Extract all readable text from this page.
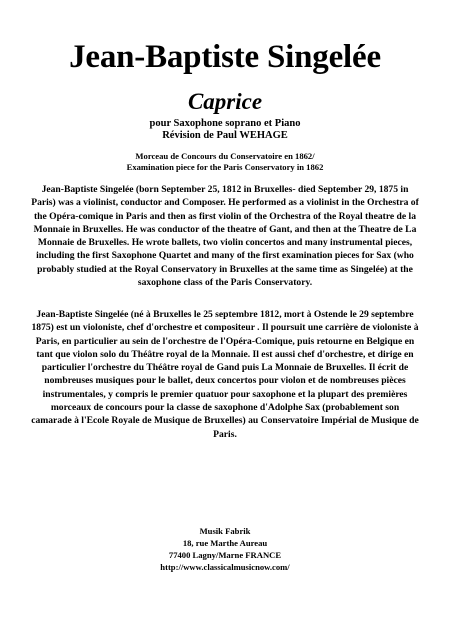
Jean-Baptiste Singelée
Caprice
pour Saxophone soprano et Piano
Révision de Paul WEHAGE
Morceau de Concours du Conservatoire en 1862/
Examination piece for the Paris Conservatory in 1862

Jean-Baptiste Singelée (born September 25, 1812 in Bruxelles- died September 29, 1875 in Paris) was a violinist, conductor and Composer. He performed as a violinist in the Orchestra of the Opéra-comique in Paris and then as first violin of the Orchestra of the Royal theatre de la Monnaie in Bruxelles. He was conductor of the theatre of Gant, and then at the Theatre de La Monnaie de Bruxelles. He wrote ballets, two violin concertos and many instrumental pieces, including the first Saxophone Quartet and many of the first examination pieces for Sax (who probably studied at the Royal Conservatory in Bruxelles at the same time as Singelée) at the saxophone class of the Paris Conservatory.

Jean-Baptiste Singelée (né à Bruxelles le 25 septembre 1812, mort à Ostende le 29 septembre 1875) est un violoniste, chef d'orchestre et compositeur . Il poursuit une carrière de violoniste à Paris, en particulier au sein de l'orchestre de l'Opéra-Comique, puis retourne en Belgique en tant que violon solo du Théâtre royal de la Monnaie. Il est aussi chef d'orchestre, et dirige en particulier l'orchestre du Théâtre royal de Gand puis La Monnaie de Bruxelles. Il écrit de nombreuses musiques pour le ballet, deux concertos pour violon et de nombreuses pièces instrumentales, y compris le premier quatuor pour saxophone et la plupart des premières morceaux de concours pour la classe de saxophone d'Adolphe Sax (probablement son camarade à l'Ecole Royale de Musique de Bruxelles) au Conservatoire Impérial de Musique de Paris.

Musik Fabrik
18, rue Marthe Aureau
77400 Lagny/Marne FRANCE
http://www.classicalmusicnow.com/
